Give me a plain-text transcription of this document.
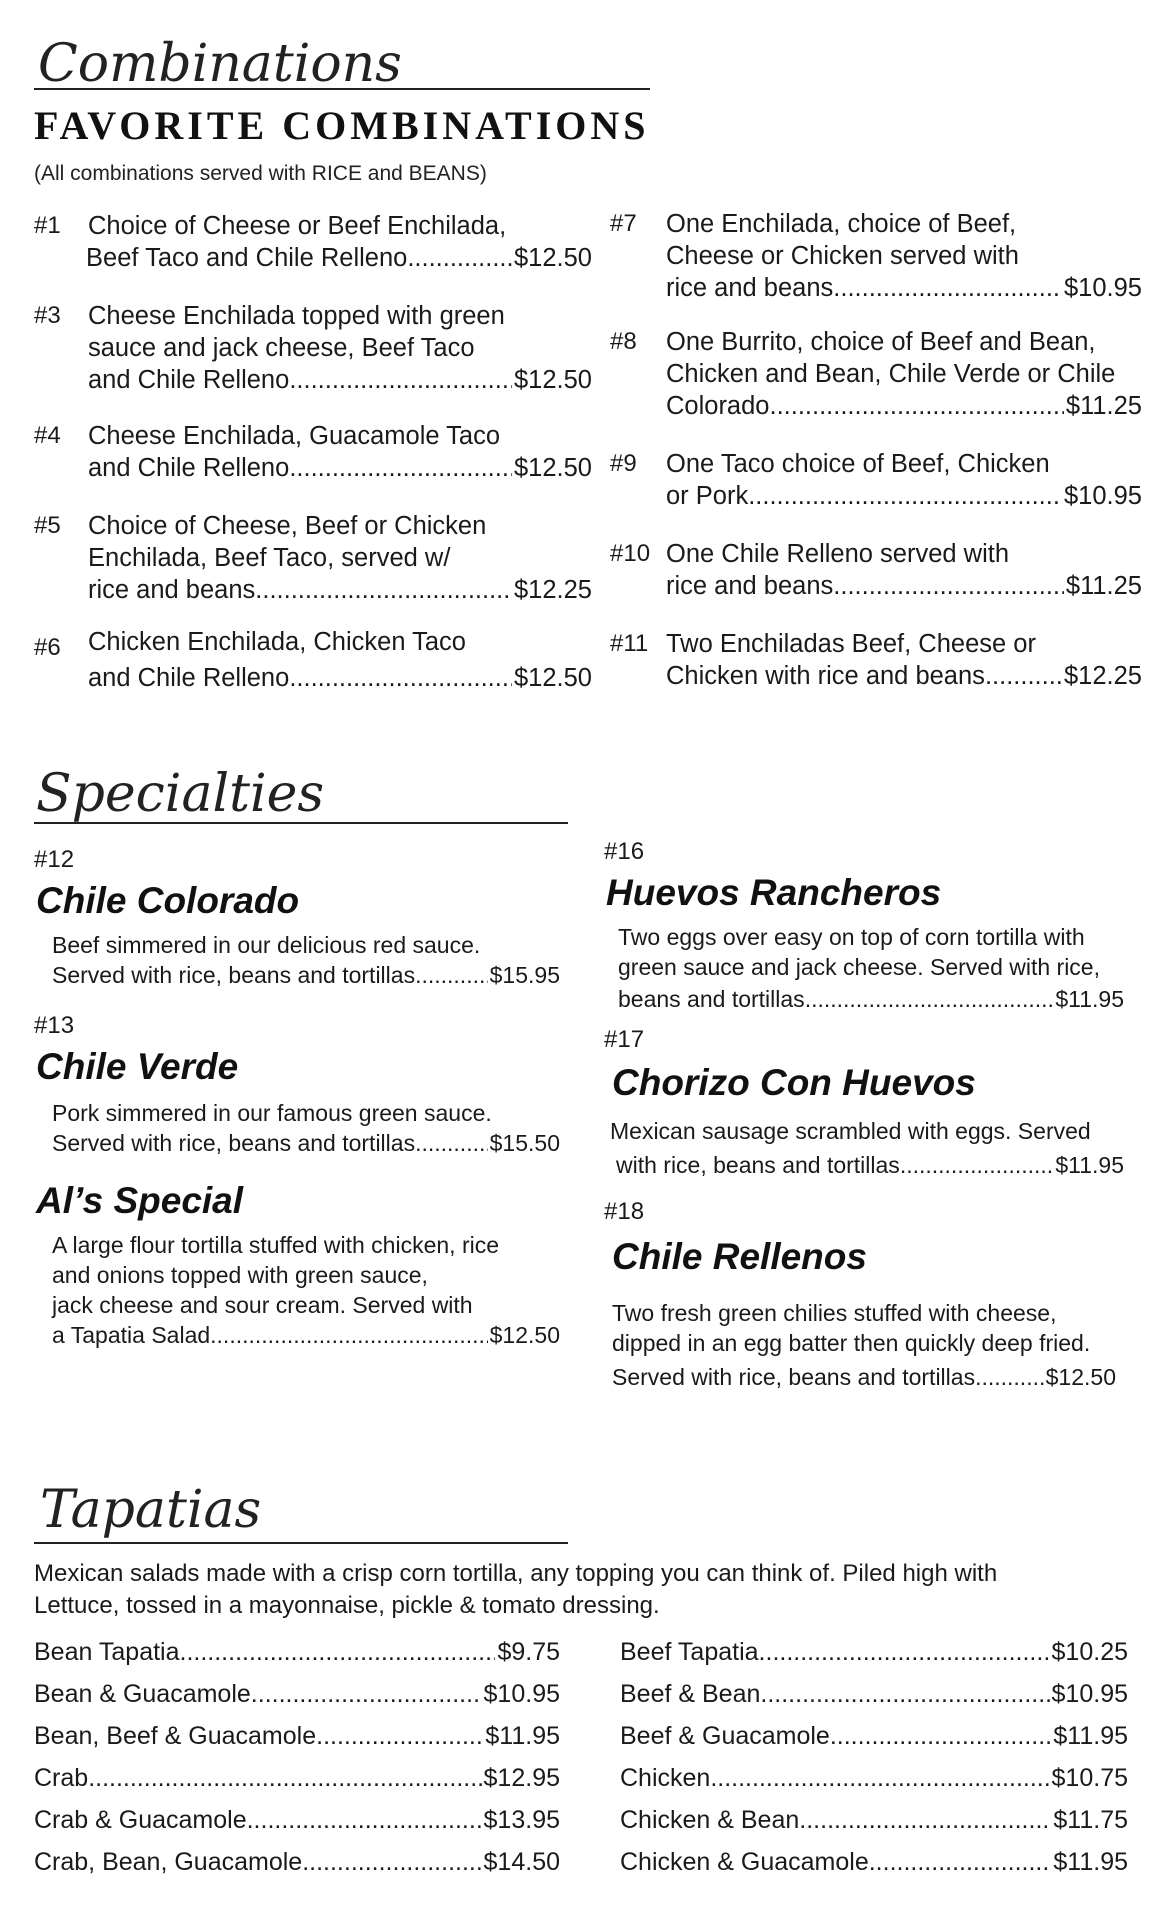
Combinations
FAVORITE COMBINATIONS
(All combinations served with RICE and BEANS)
#1 Choice of Cheese or Beef Enchilada,
Beef Taco and Chile Relleno .....	$12.50
#3 Cheese Enchilada topped with green
sauce and jack cheese, Beef Taco
and Chile Relleno .....	$12.50
#4 Cheese Enchilada, Guacamole Taco
and Chile Relleno .....	$12.50
#5 Choice of Cheese, Beef or Chicken
Enchilada, Beef Taco, served w/
rice and beans .....	$12.25
#6 Chicken Enchilada, Chicken Taco
and Chile Relleno .....	$12.50
#7 One Enchilada, choice of Beef,
Cheese or Chicken served with
rice and beans .....	$10.95
#8 One Burrito, choice of Beef and Bean,
Chicken and Bean, Chile Verde or Chile
Colorado .....	$11.25
#9 One Taco choice of Beef, Chicken
or Pork .....	$10.95
#10 One Chile Relleno served with
rice and beans .....	$11.25
#11 Two Enchiladas Beef, Cheese or
Chicken with rice and beans .....	$12.25
Specialties
#12
Chile Colorado
Beef simmered in our delicious red sauce.
Served with rice, beans and tortillas .....	$15.95
#13
Chile Verde
Pork simmered in our famous green sauce.
Served with rice, beans and tortillas .....	$15.50
Al’s Special
A large flour tortilla stuffed with chicken, rice
and onions topped with green sauce,
jack cheese and sour cream. Served with
a Tapatia Salad .....	$12.50
#16
Huevos Rancheros
Two eggs over easy on top of corn tortilla with
green sauce and jack cheese. Served with rice,
beans and tortillas .....	$11.95
#17
Chorizo Con Huevos
Mexican sausage scrambled with eggs. Served
with rice, beans and tortillas .....	$11.95
#18
Chile Rellenos
Two fresh green chilies stuffed with cheese,
dipped in an egg batter then quickly deep fried.
Served with rice, beans and tortillas .....	$12.50
Tapatias
Mexican salads made with a crisp corn tortilla, any topping you can think of. Piled high with
Lettuce, tossed in a mayonnaise, pickle & tomato dressing.
Bean Tapatia .....	$9.75
Bean & Guacamole .....	$10.95
Bean, Beef & Guacamole .....	$11.95
Crab .....	$12.95
Crab & Guacamole .....	$13.95
Crab, Bean, Guacamole .....	$14.50
Beef Tapatia .....	$10.25
Beef & Bean .....	$10.95
Beef & Guacamole .....	$11.95
Chicken .....	$10.75
Chicken & Bean .....	$11.75
Chicken & Guacamole .....	$11.95
